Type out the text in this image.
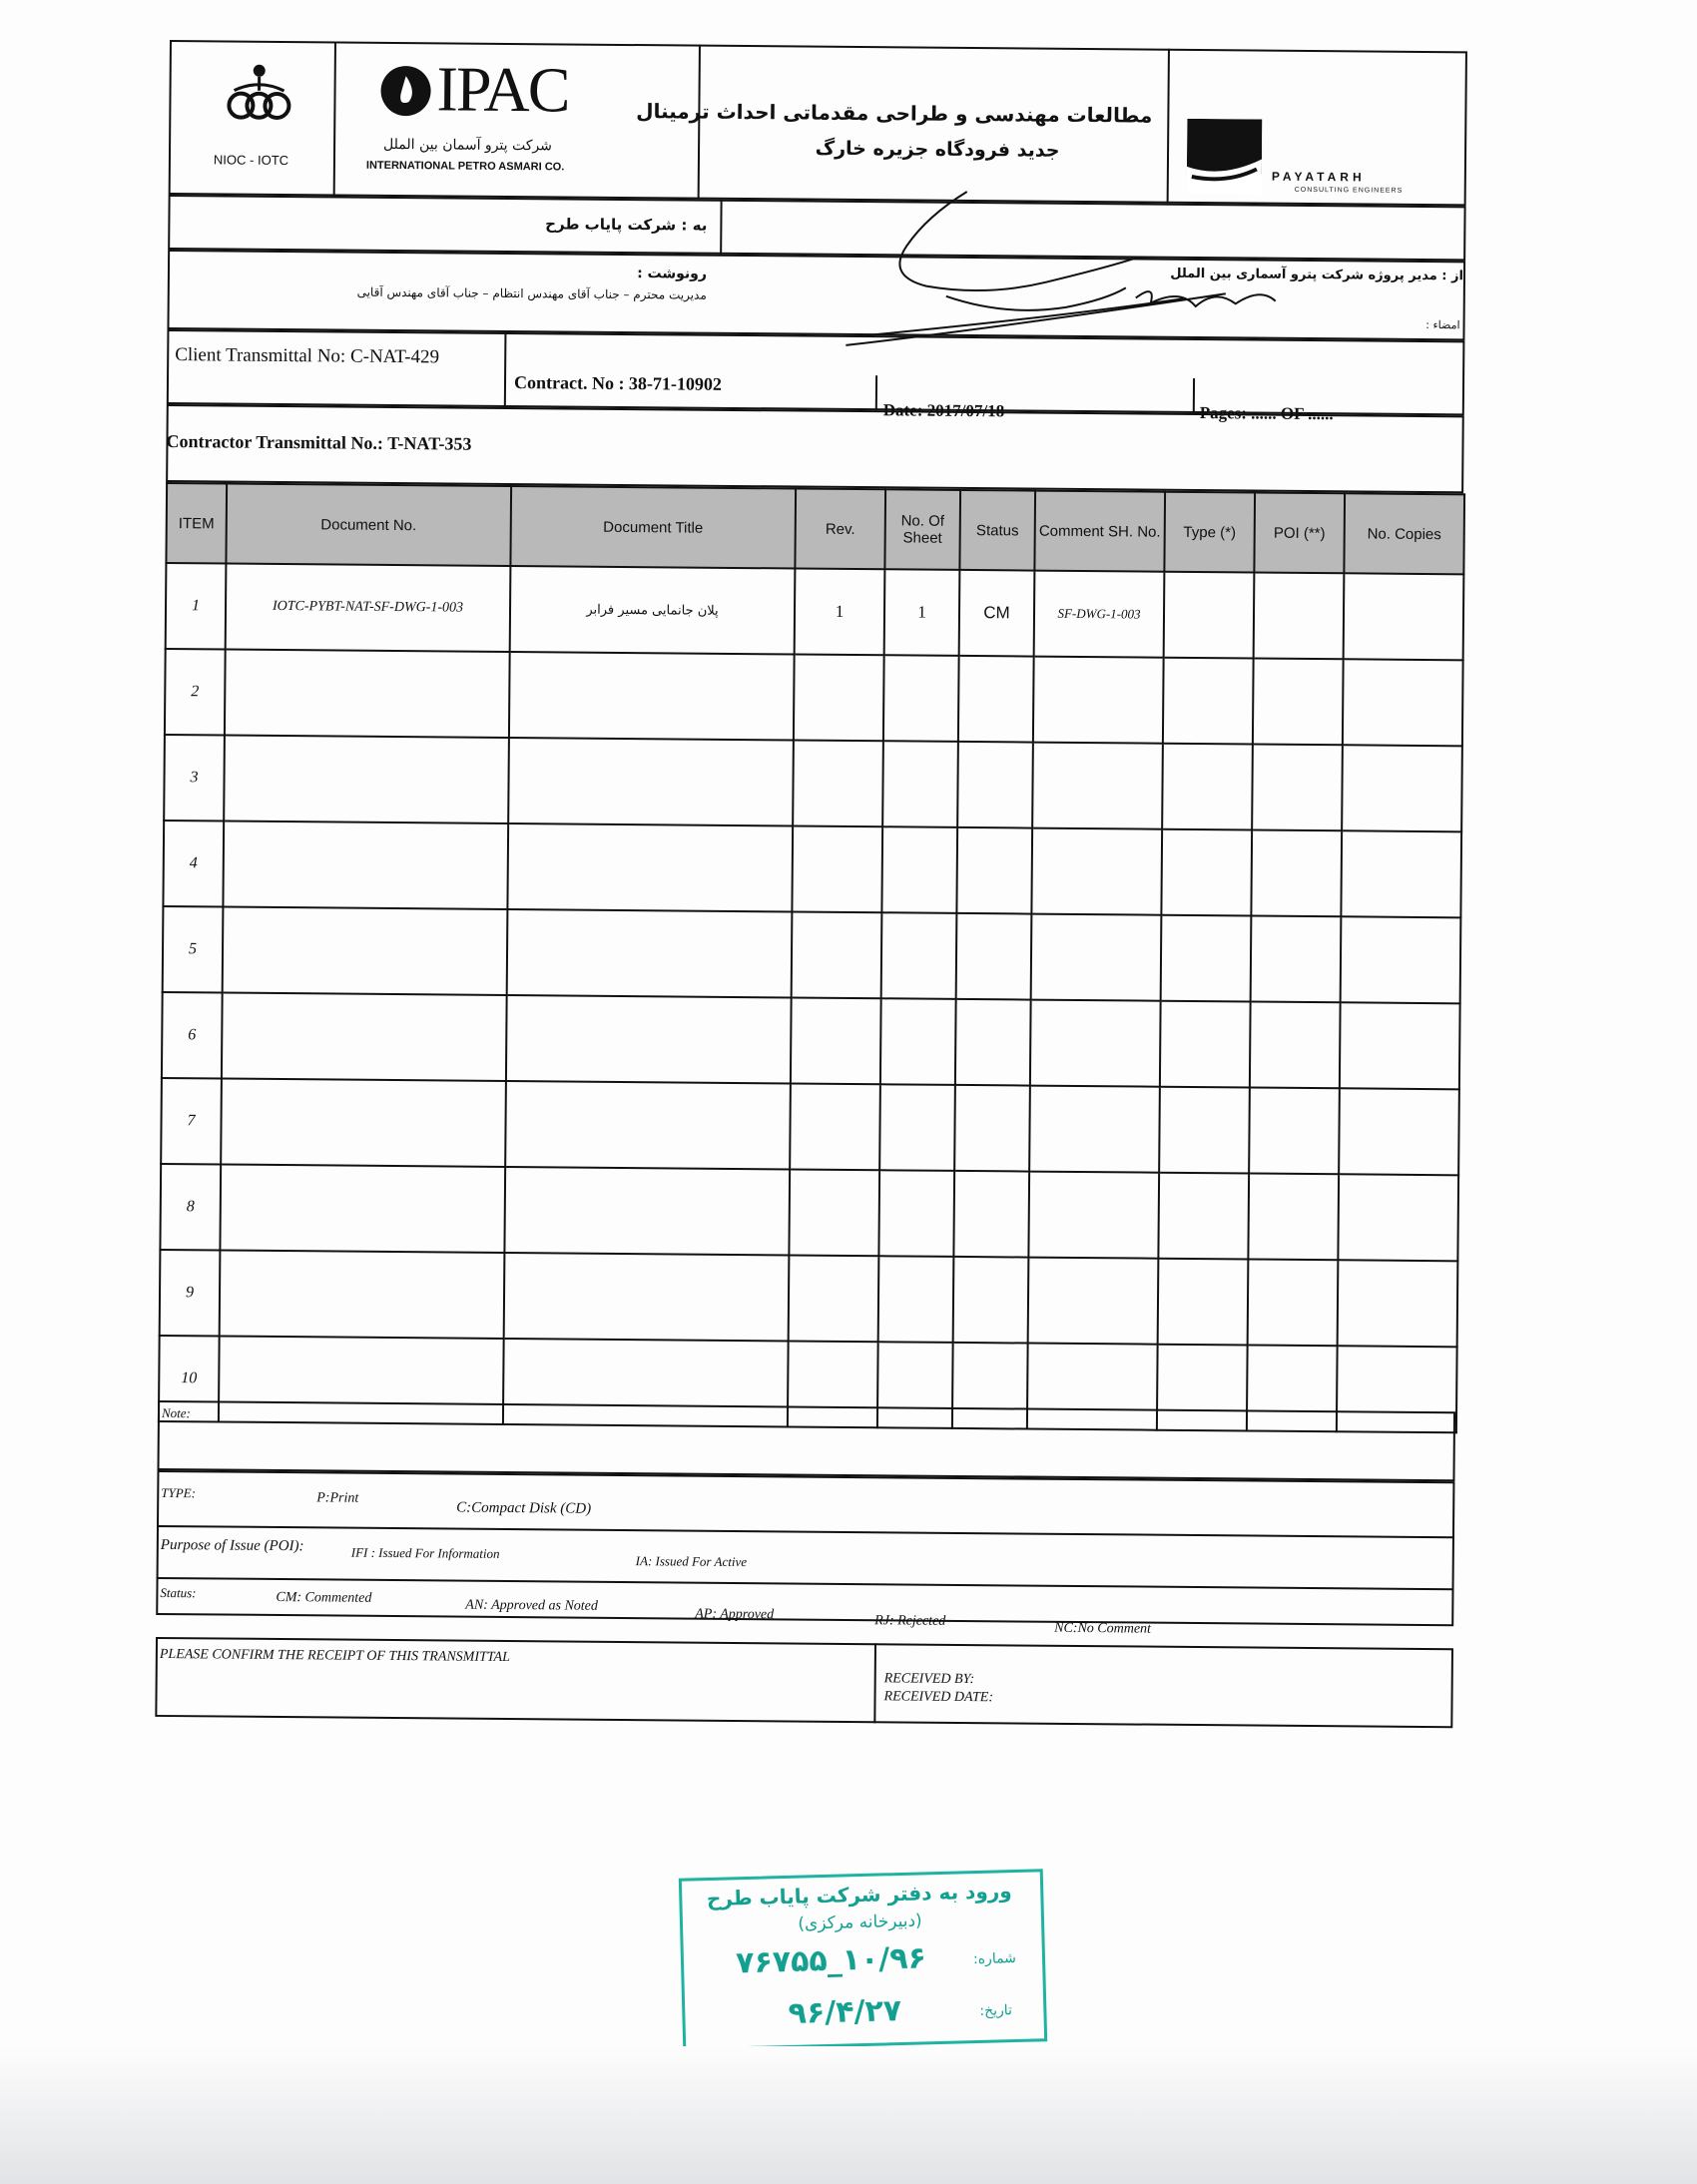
NIOC - IOTC
IPAC
شرکت پترو آسمان بین الملل
INTERNATIONAL PETRO ASMARI CO.
مطالعات مهندسی و طراحی مقدماتی احداث ترمینال
جدید فرودگاه جزیره خارگ
PAYATARH
CONSULTING ENGINEERS
به : شرکت پایاب طرح
رونوشت :
مدیریت محترم – جناب آقای مهندس انتظام – جناب آقای مهندس آقایی
از : مدیر پروژه شرکت پترو آسماری بین الملل
امضاء :
Client Transmittal No: C-NAT-429
Contract. No : 38-71-10902
Date: 2017/07/18	Pages: ...... OF ......
Contractor Transmittal No.: T-NAT-353
ITEM	Document No.	Document Title	Rev.	No. Of Sheet	Status	Comment SH. No.	Type (*)	POI (**)	No. Copies
1	IOTC-PYBT-NAT-SF-DWG-1-003	پلان جانمایی مسیر فرابر	1	1	CM	SF-DWG-1-003			
2									
3									
4									
5									
6									
7									
8									
9									
10									
Note:
TYPE:	P:Print
C:Compact Disk (CD)
Purpose of Issue (POI):	IFI : Issued For Information
IA: Issued For Active
Status:	CM: Commented	AN: Approved as Noted
AP: Approved	RJ: Rejected	NC:No Comment
PLEASE CONFIRM THE RECEIPT OF THIS TRANSMITTAL
RECEIVED BY:
RECEIVED DATE:
ورود به دفتر شرکت پایاب طرح
(دبیرخانه مرکزی)
شماره:
۱۰/۹۶_۷۶۷۵۵
تاریخ:
۹۶/۴/۲۷
